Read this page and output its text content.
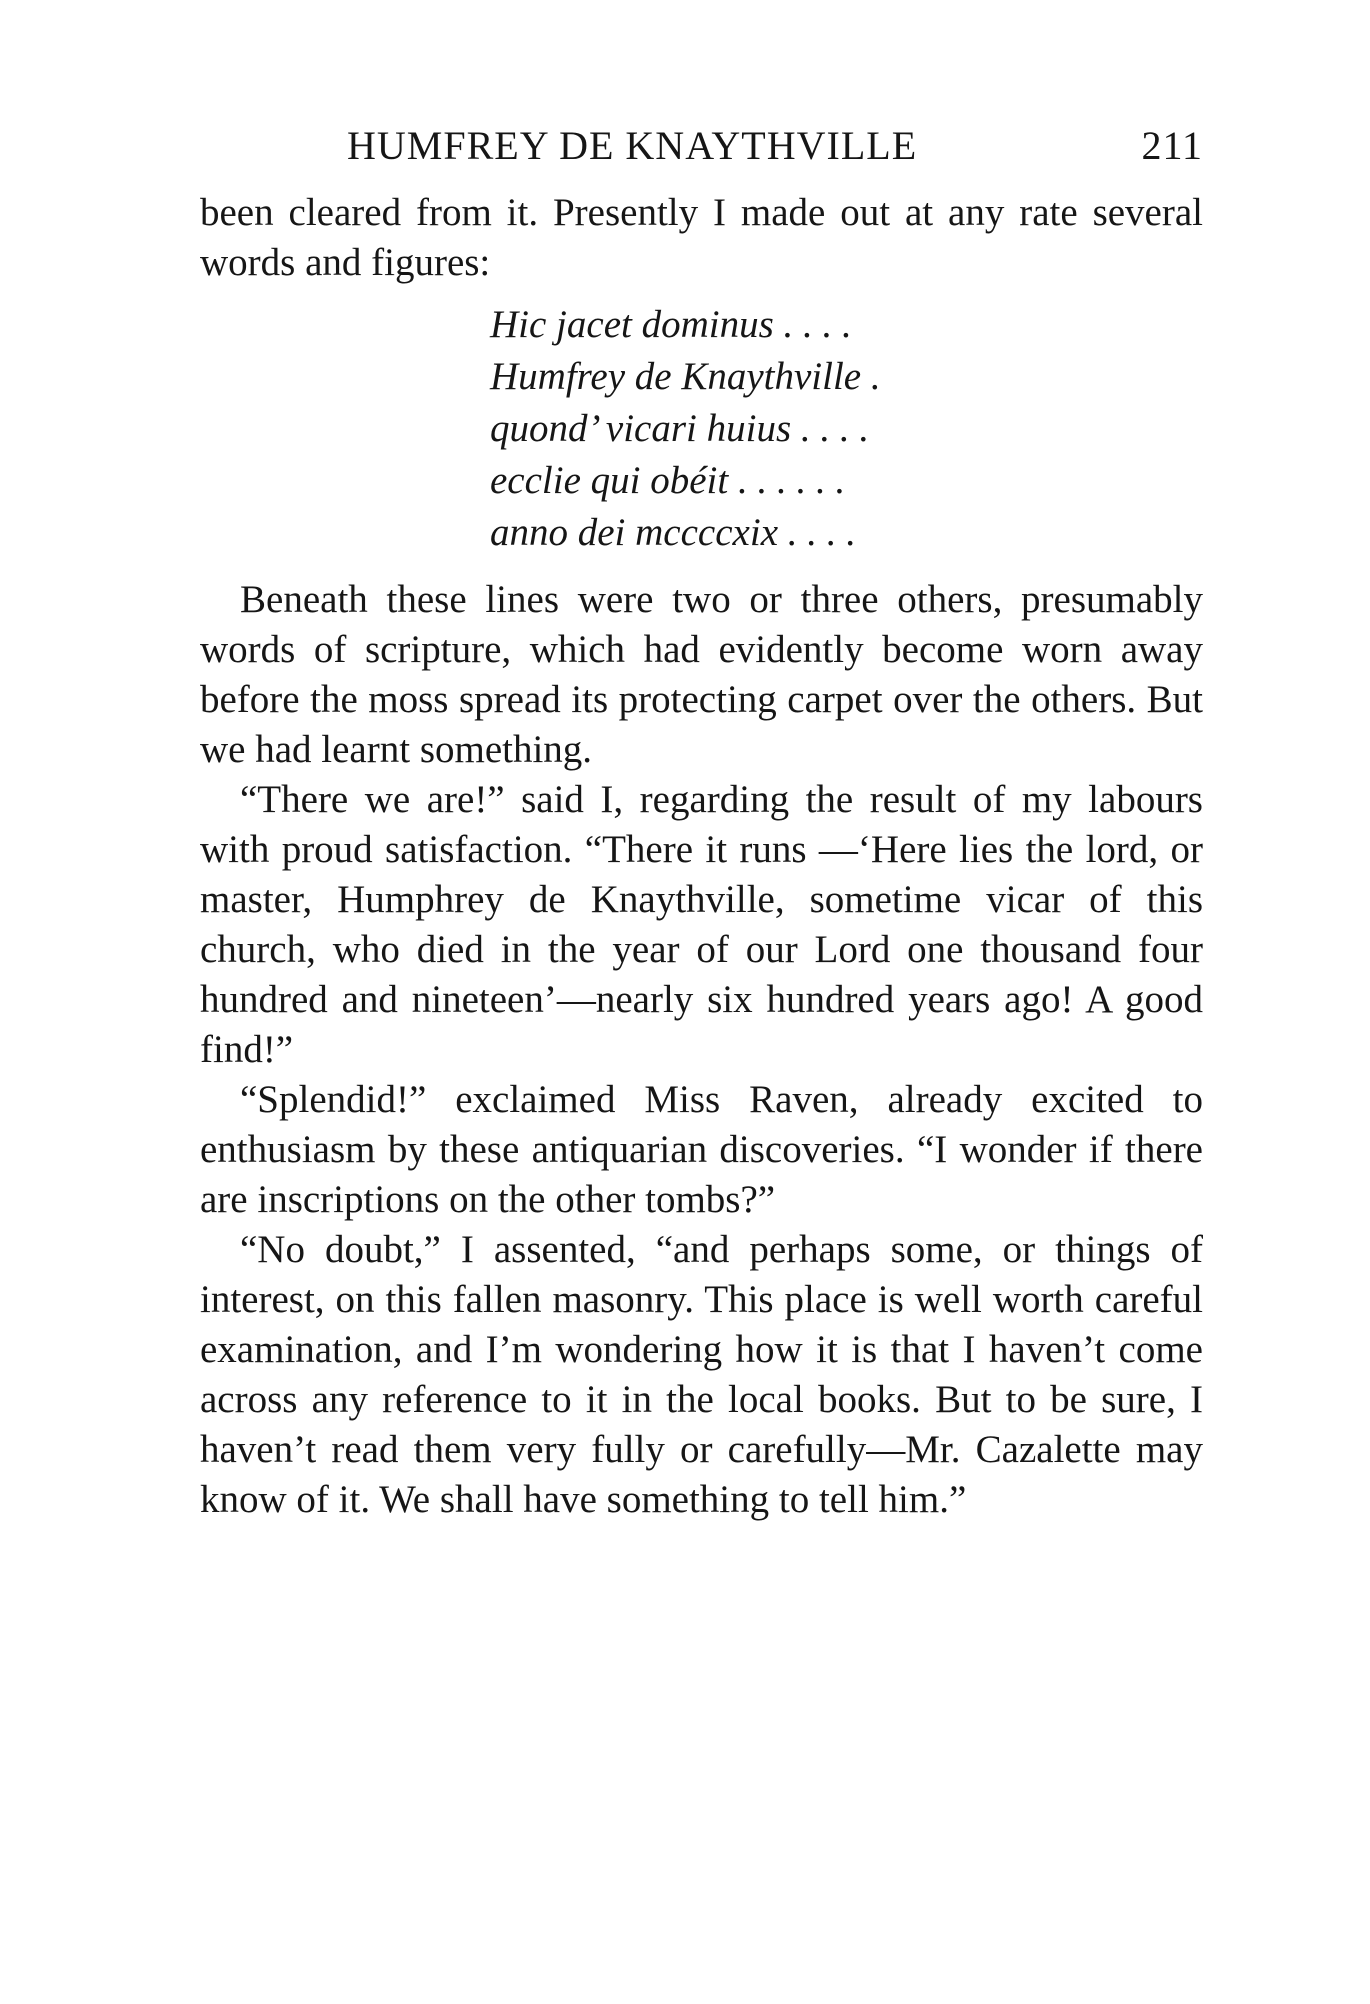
HUMFREY DE KNAYTHVILLE	211

been cleared from it. Presently I made out at any rate several words and figures:

Hic jacet dominus . . . .
Humfrey de Knaythville .
quond’ vicari huius . . . .
ecclie qui obéit . . . . . .
anno dei mccccxix . . . .

Beneath these lines were two or three others, presumably words of scripture, which had evidently become worn away before the moss spread its protecting carpet over the others. But we had learnt something.

“There we are!” said I, regarding the result of my labours with proud satisfaction. “There it runs —‘Here lies the lord, or master, Humphrey de Knaythville, sometime vicar of this church, who died in the year of our Lord one thousand four hundred and nineteen’—nearly six hundred years ago! A good find!”

“Splendid!” exclaimed Miss Raven, already excited to enthusiasm by these antiquarian discoveries. “I wonder if there are inscriptions on the other tombs?”

“No doubt,” I assented, “and perhaps some, or things of interest, on this fallen masonry. This place is well worth careful examination, and I’m wondering how it is that I haven’t come across any reference to it in the local books. But to be sure, I haven’t read them very fully or carefully—Mr. Cazalette may know of it. We shall have something to tell him.”
